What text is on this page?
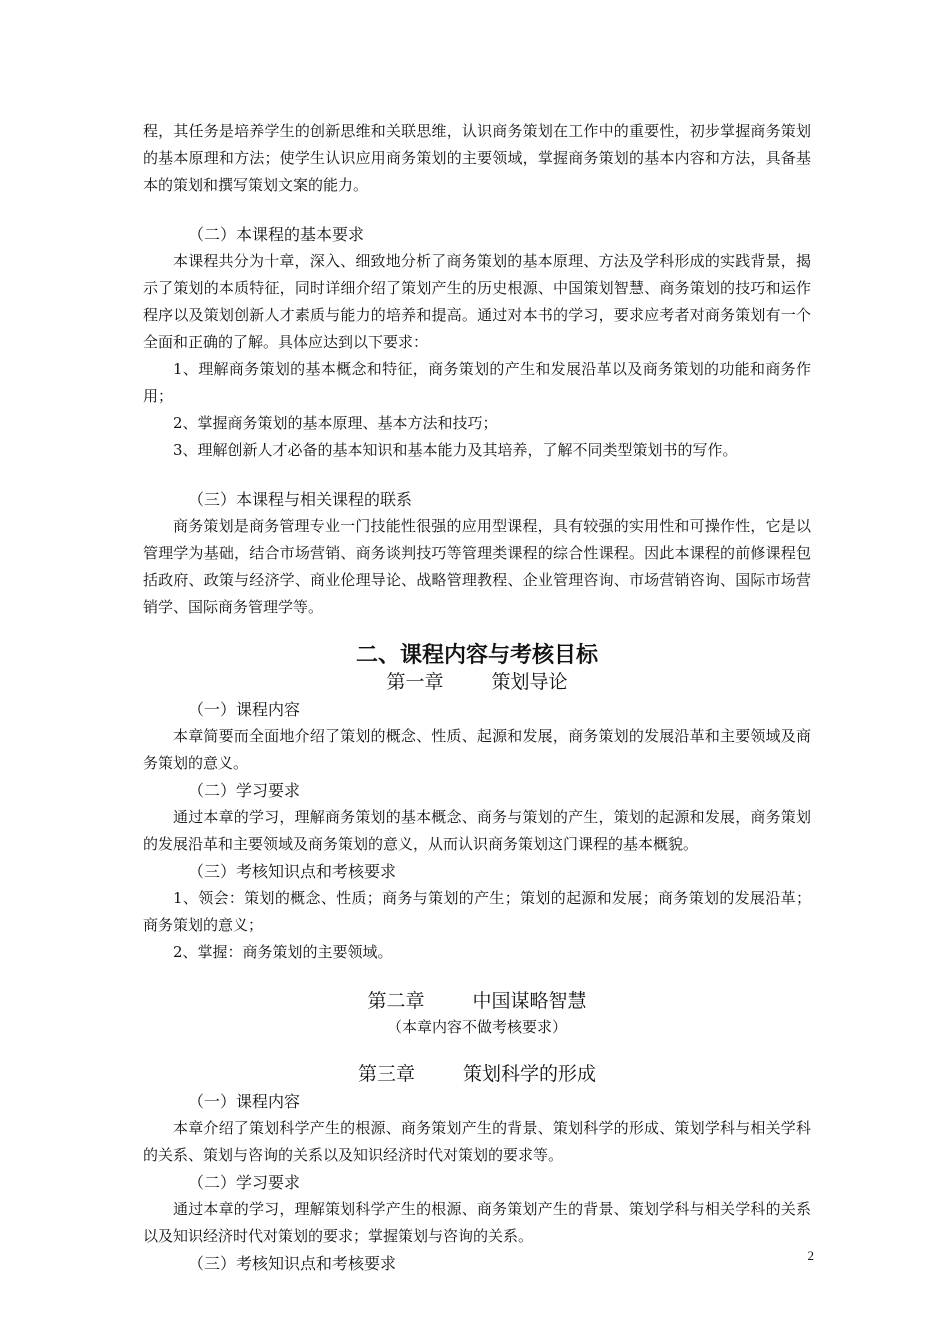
程，其任务是培养学生的创新思维和关联思维，认识商务策划在工作中的重要性，初步掌握商务策划的基本原理和方法；使学生认识应用商务策划的主要领域，掌握商务策划的基本内容和方法，具备基本的策划和撰写策划文案的能力。

（二）本课程的基本要求

本课程共分为十章，深入、细致地分析了商务策划的基本原理、方法及学科形成的实践背景，揭示了策划的本质特征，同时详细介绍了策划产生的历史根源、中国策划智慧、商务策划的技巧和运作程序以及策划创新人才素质与能力的培养和提高。通过对本书的学习，要求应考者对商务策划有一个全面和正确的了解。具体应达到以下要求：

1、理解商务策划的基本概念和特征，商务策划的产生和发展沿革以及商务策划的功能和商务作用；

2、掌握商务策划的基本原理、基本方法和技巧；

3、理解创新人才必备的基本知识和基本能力及其培养，了解不同类型策划书的写作。

（三）本课程与相关课程的联系

商务策划是商务管理专业一门技能性很强的应用型课程，具有较强的实用性和可操作性，它是以管理学为基础，结合市场营销、商务谈判技巧等管理类课程的综合性课程。因此本课程的前修课程包括政府、政策与经济学、商业伦理导论、战略管理教程、企业管理咨询、市场营销咨询、国际市场营销学、国际商务管理学等。

二、课程内容与考核目标

第一章	策划导论

（一）课程内容

本章简要而全面地介绍了策划的概念、性质、起源和发展，商务策划的发展沿革和主要领域及商务策划的意义。

（二）学习要求

通过本章的学习，理解商务策划的基本概念、商务与策划的产生，策划的起源和发展，商务策划的发展沿革和主要领域及商务策划的意义，从而认识商务策划这门课程的基本概貌。

（三）考核知识点和考核要求

1、领会：策划的概念、性质；商务与策划的产生；策划的起源和发展；商务策划的发展沿革；商务策划的意义；

2、掌握：商务策划的主要领域。

第二章	中国谋略智慧

（本章内容不做考核要求）

第三章	策划科学的形成

（一）课程内容

本章介绍了策划科学产生的根源、商务策划产生的背景、策划科学的形成、策划学科与相关学科的关系、策划与咨询的关系以及知识经济时代对策划的要求等。

（二）学习要求

通过本章的学习，理解策划科学产生的根源、商务策划产生的背景、策划学科与相关学科的关系以及知识经济时代对策划的要求；掌握策划与咨询的关系。

（三）考核知识点和考核要求	2
